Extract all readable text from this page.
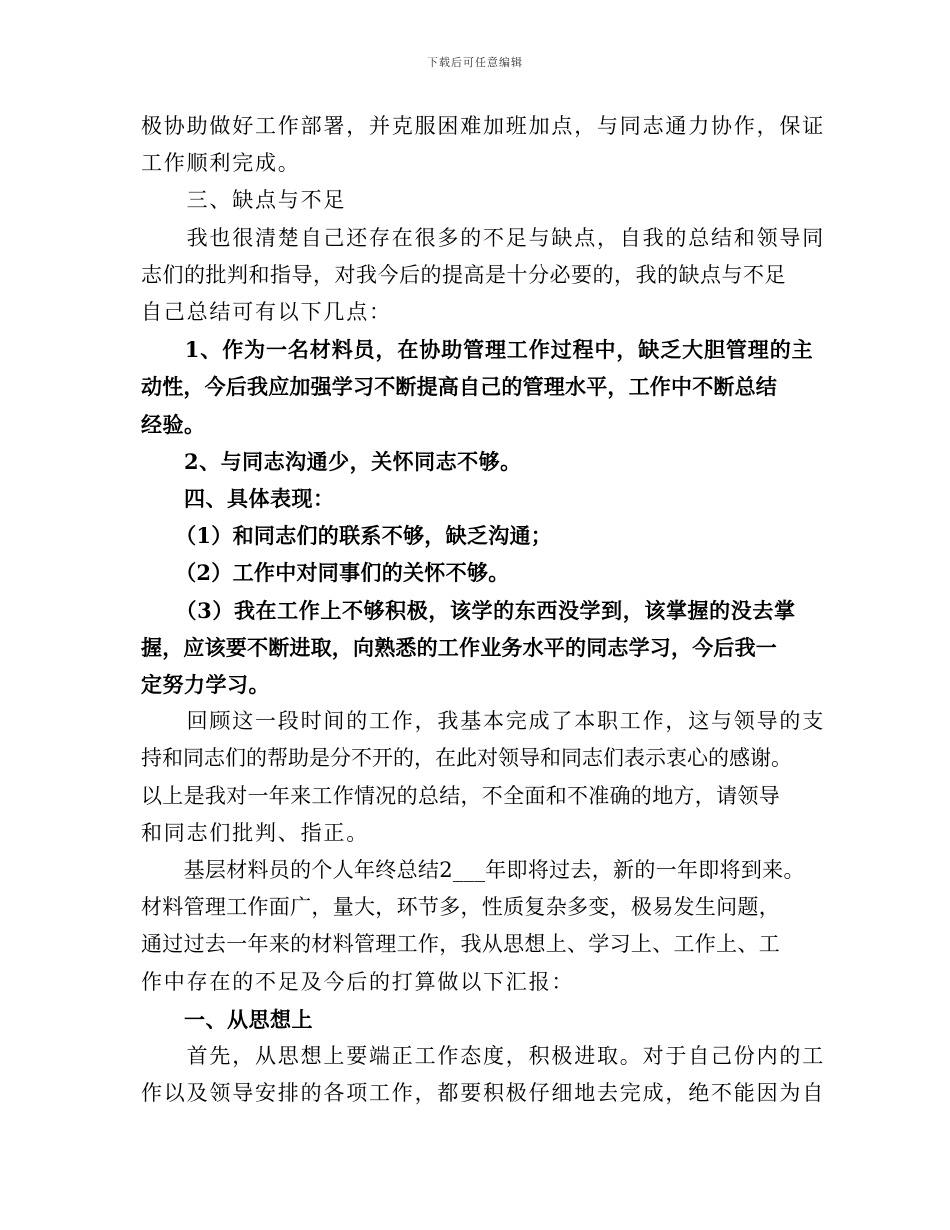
下载后可任意编辑
极协助做好工作部署，并克服困难加班加点，与同志通力协作，保证
工作顺利完成。
三、缺点与不足
我也很清楚自己还存在很多的不足与缺点，自我的总结和领导同
志们的批判和指导，对我今后的提高是十分必要的，我的缺点与不足
自己总结可有以下几点：
1、作为一名材料员，在协助管理工作过程中，缺乏大胆管理的主
动性，今后我应加强学习不断提高自己的管理水平，工作中不断总结
经验。
2、与同志沟通少，关怀同志不够。
四、具体表现：
（1）和同志们的联系不够，缺乏沟通；
（2）工作中对同事们的关怀不够。
（3）我在工作上不够积极，该学的东西没学到，该掌握的没去掌
握，应该要不断进取，向熟悉的工作业务水平的同志学习，今后我一
定努力学习。
回顾这一段时间的工作，我基本完成了本职工作，这与领导的支
持和同志们的帮助是分不开的，在此对领导和同志们表示衷心的感谢。
以上是我对一年来工作情况的总结，不全面和不准确的地方，请领导
和同志们批判、指正。
基层材料员的个人年终总结2___年即将过去，新的一年即将到来。
材料管理工作面广，量大，环节多，性质复杂多变，极易发生问题，
通过过去一年来的材料管理工作，我从思想上、学习上、工作上、工
作中存在的不足及今后的打算做以下汇报：
一、从思想上
首先，从思想上要端正工作态度，积极进取。对于自己份内的工
作以及领导安排的各项工作，都要积极仔细地去完成，绝不能因为自
